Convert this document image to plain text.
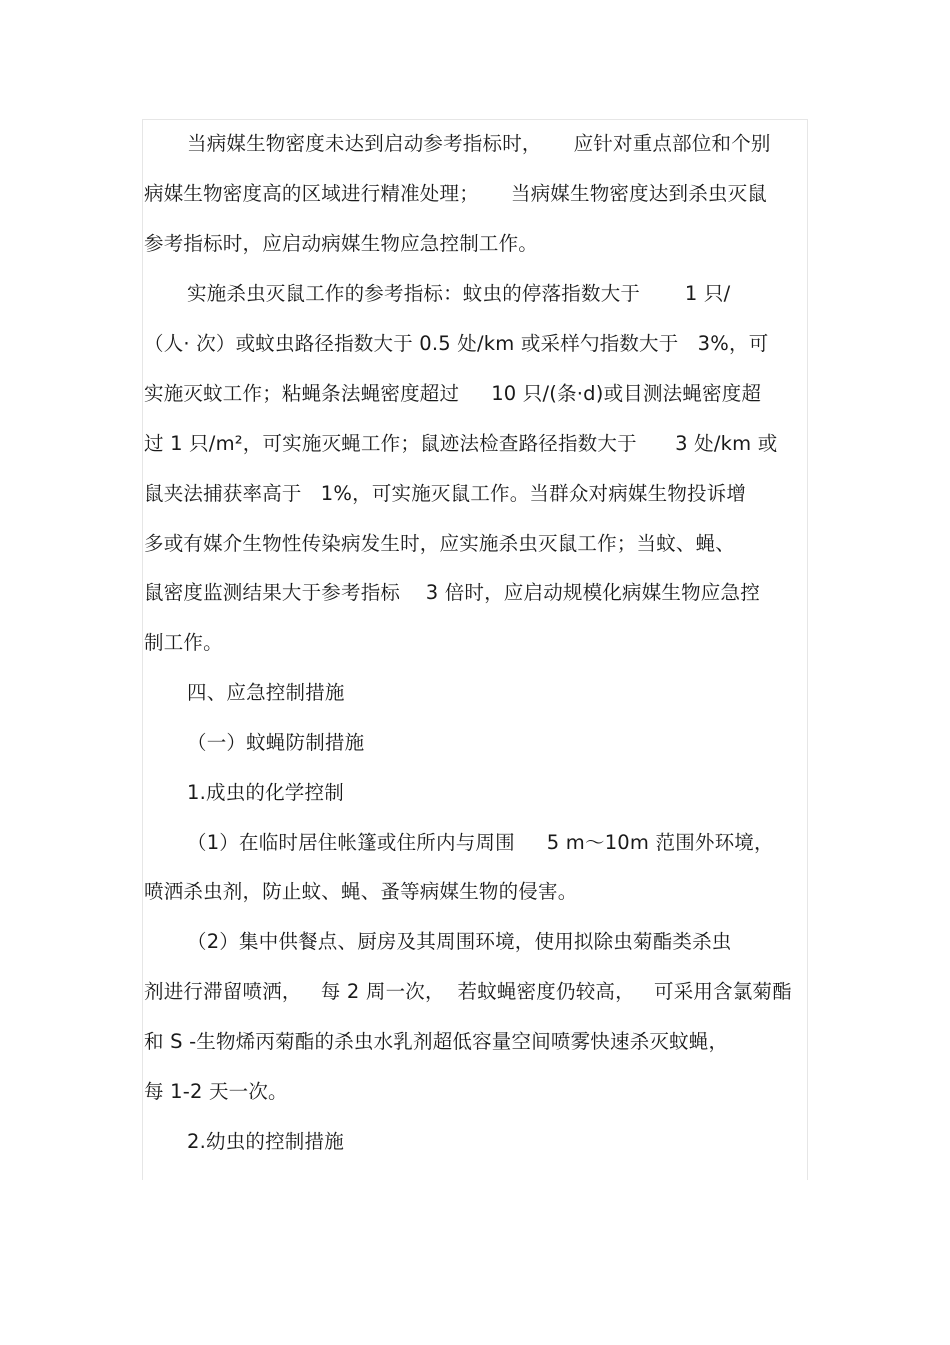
当病媒生物密度未达到启动参考指标时，     应针对重点部位和个别
病媒生物密度高的区域进行精准处理；     当病媒生物密度达到杀虫灭鼠
参考指标时，应启动病媒生物应急控制工作。
实施杀虫灭鼠工作的参考指标：蚊虫的停落指数大于       1 只/
（人· 次）或蚊虫路径指数大于 0.5 处/km 或采样勺指数大于   3%，可
实施灭蚊工作；粘蝇条法蝇密度超过     10 只/(条·d)或目测法蝇密度超
过 1 只/m²，可实施灭蝇工作；鼠迹法检查路径指数大于      3 处/km 或
鼠夹法捕获率高于   1%，可实施灭鼠工作。当群众对病媒生物投诉增
多或有媒介生物性传染病发生时，应实施杀虫灭鼠工作；当蚊、蝇、
鼠密度监测结果大于参考指标    3 倍时，应启动规模化病媒生物应急控
制工作。
四、应急控制措施
（一）蚊蝇防制措施
1.成虫的化学控制
（1）在临时居住帐篷或住所内与周围     5 m～10m 范围外环境，
喷洒杀虫剂，防止蚊、蝇、蚤等病媒生物的侵害。
（2）集中供餐点、厨房及其周围环境，使用拟除虫菊酯类杀虫
剂进行滞留喷洒，   每 2 周一次，  若蚊蝇密度仍较高，   可采用含氯菊酯
和 S -生物烯丙菊酯的杀虫水乳剂超低容量空间喷雾快速杀灭蚊蝇，
每 1-2 天一次。
2.幼虫的控制措施
